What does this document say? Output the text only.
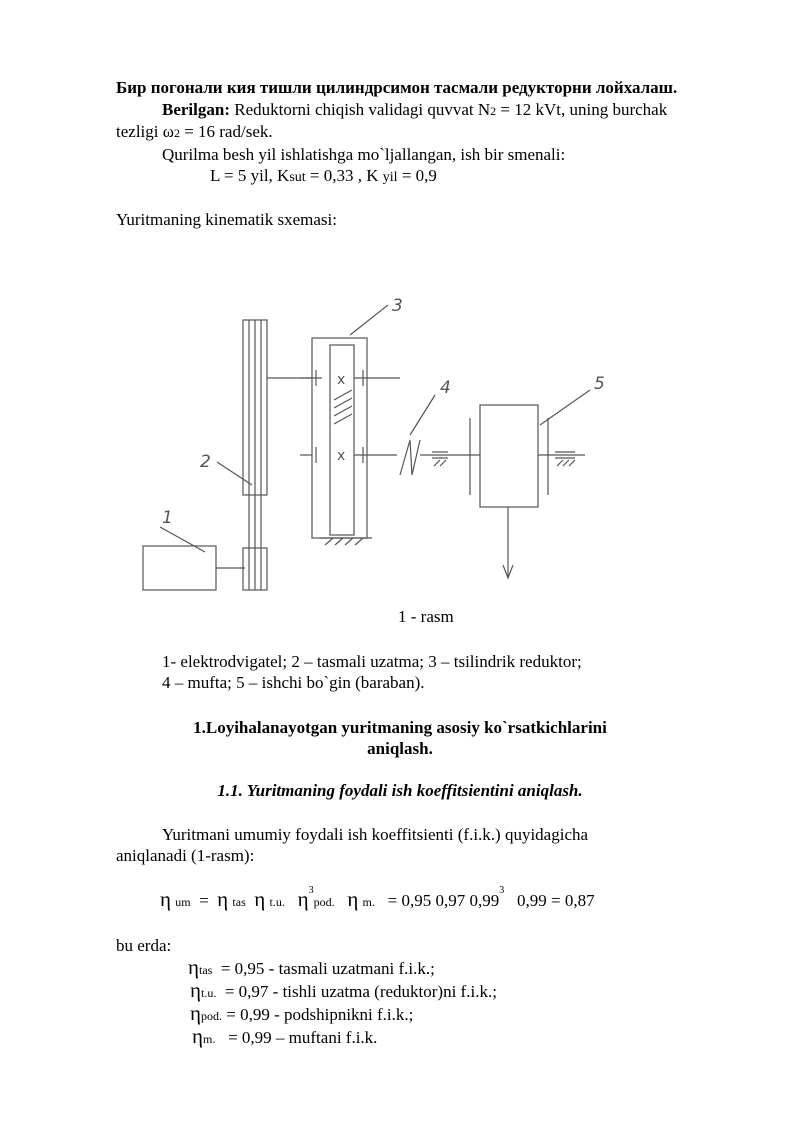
Бир погонали кия тишли цилиндрсимон тасмали редукторни лойхалаш.
Berilgan: Reduktorni chiqish validagi quvvat N2 = 12 kVt, uning burchak
tezligi ω2 = 16 rad/sek.
Qurilma besh yil ishlatishga mo`ljallangan, ish bir smenali:
L = 5 yil, Ksut = 0,33 , K yil = 0,9
Yuritmaning kinematik sxemasi:
x
x
1
2
3
4	5
1 - rasm
1- elektrodvigatel; 2 – tasmali uzatma; 3 – tsilindrik reduktor;
4 – mufta; 5 – ishchi bo`gin (baraban).
1.Loyihalanayotgan yuritmaning asosiy ko`rsatkichlarini
aniqlash.
1.1. Yuritmaning foydali ish koeffitsientini aniqlash.
Yuritmani umumiy foydali ish koeffitsienti (f.i.k.) quyidagicha
aniqlanadi (1-rasm):
η um = η tas η t.u. $\eta^3pod$. η m. = 0,95 0,97 0,99$^3$   0,99 = 0,87
bu erda:
ηtas = 0,95 - tasmali uzatmani f.i.k.;
ηt.u. = 0,97 - tishli uzatma (reduktor)ni f.i.k.;
ηpod. = 0,99 - podshipnikni f.i.k.;
ηm. = 0,99 – muftani f.i.k.
